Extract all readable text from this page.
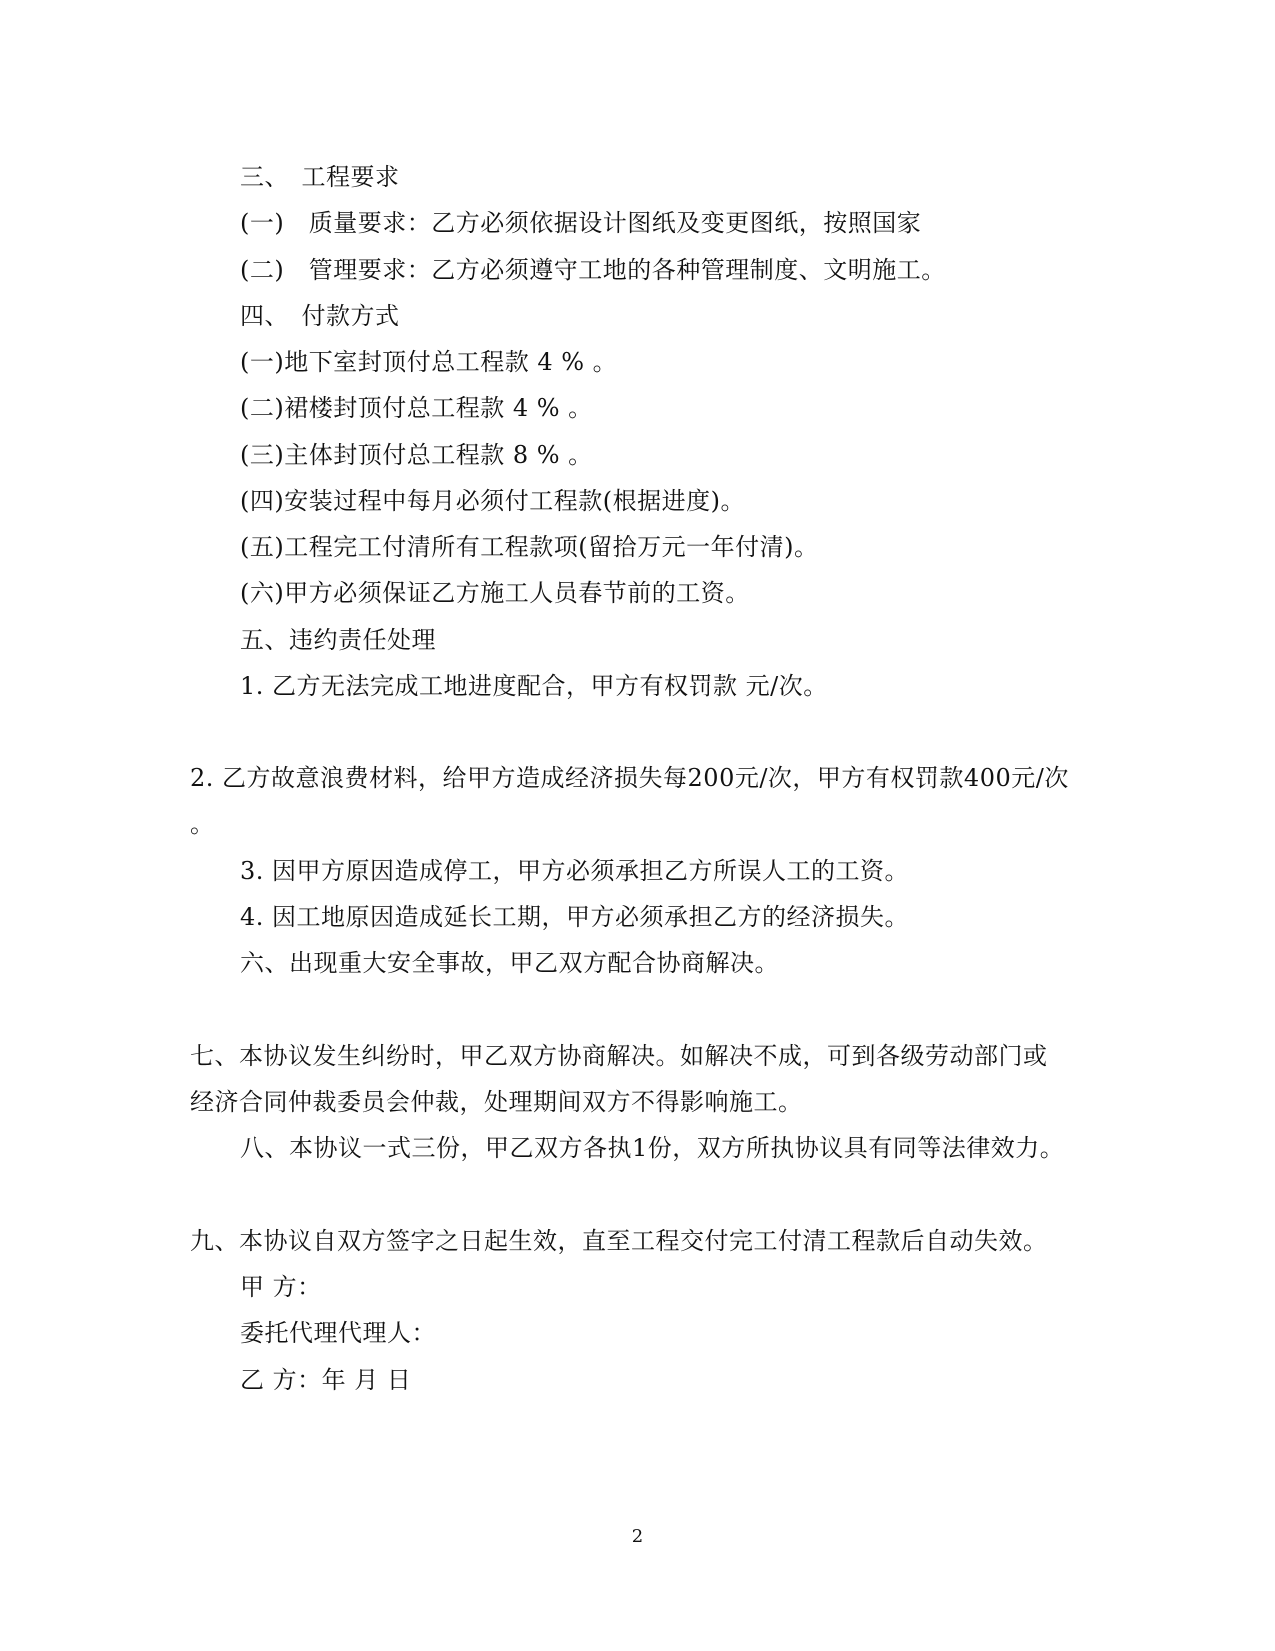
三、　工程要求
(一)　质量要求：乙方必须依据设计图纸及变更图纸，按照国家
(二)　管理要求：乙方必须遵守工地的各种管理制度、文明施工。
四、　付款方式
(一)地下室封顶付总工程款 4 % 。
(二)裙楼封顶付总工程款 4 % 。
(三)主体封顶付总工程款 8 % 。
(四)安装过程中每月必须付工程款(根据进度)。
(五)工程完工付清所有工程款项(留拾万元一年付清)。
(六)甲方必须保证乙方施工人员春节前的工资。
五、违约责任处理
1. 乙方无法完成工地进度配合，甲方有权罚款 元/次。
2. 乙方故意浪费材料，给甲方造成经济损失每200元/次，甲方有权罚款400元/次
。
3. 因甲方原因造成停工，甲方必须承担乙方所误人工的工资。
4. 因工地原因造成延长工期，甲方必须承担乙方的经济损失。
六、出现重大安全事故，甲乙双方配合协商解决。
七、本协议发生纠纷时，甲乙双方协商解决。如解决不成，可到各级劳动部门或
经济合同仲裁委员会仲裁，处理期间双方不得影响施工。
八、本协议一式三份，甲乙双方各执1份，双方所执协议具有同等法律效力。
九、本协议自双方签字之日起生效，直至工程交付完工付清工程款后自动失效。
甲 方：
委托代理代理人：
乙 方：年 月 日
2
